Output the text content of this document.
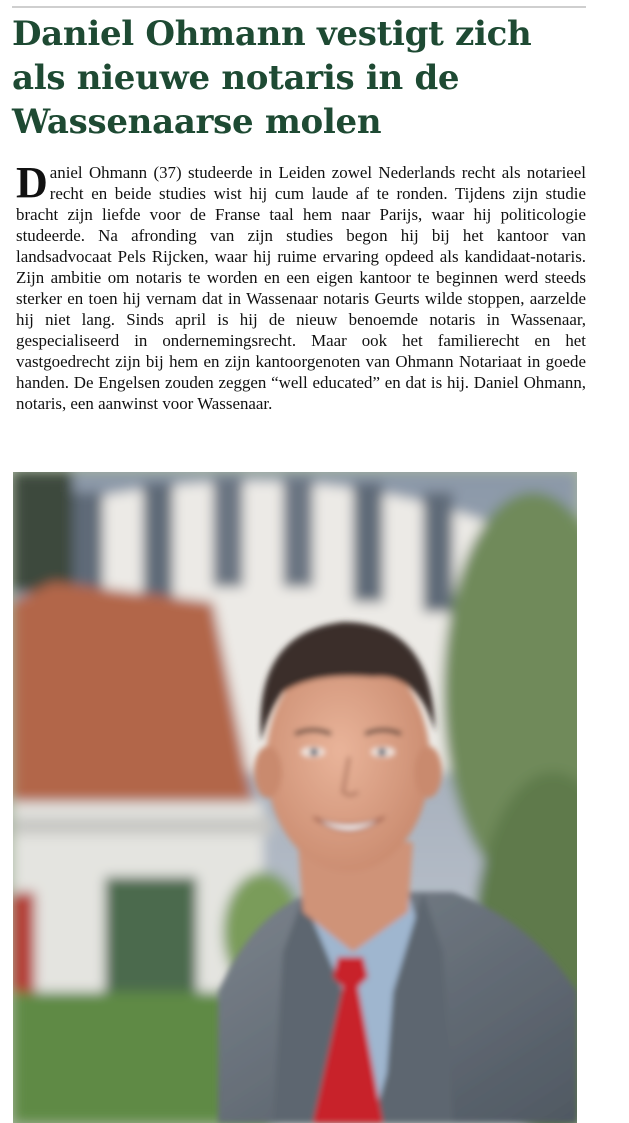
Daniel Ohmann vestigt zich als nieuwe notaris in de Wassenaarse molen

Daniel Ohmann (37) studeerde in Leiden zowel Nederlands recht als notarieel recht en beide studies wist hij cum laude af te ronden. Tijdens zijn studie bracht zijn liefde voor de Franse taal hem naar Parijs, waar hij politicologie studeerde. Na afronding van zijn studies begon hij bij het kantoor van landsadvocaat Pels Rijcken, waar hij ruime ervaring opdeed als kandidaat-notaris. Zijn ambitie om notaris te worden en een eigen kantoor te beginnen werd steeds sterker en toen hij vernam dat in Wassenaar notaris Geurts wilde stoppen, aarzelde hij niet lang. Sinds april is hij de nieuw benoemde notaris in Wassenaar, gespecialiseerd in ondernemingsrecht. Maar ook het familierecht en het vastgoedrecht zijn bij hem en zijn kantoorgenoten van Ohmann Notariaat in goede handen. De Engelsen zouden zeggen “well educated” en dat is hij. Daniel Ohmann, notaris, een aanwinst voor Wassenaar.
